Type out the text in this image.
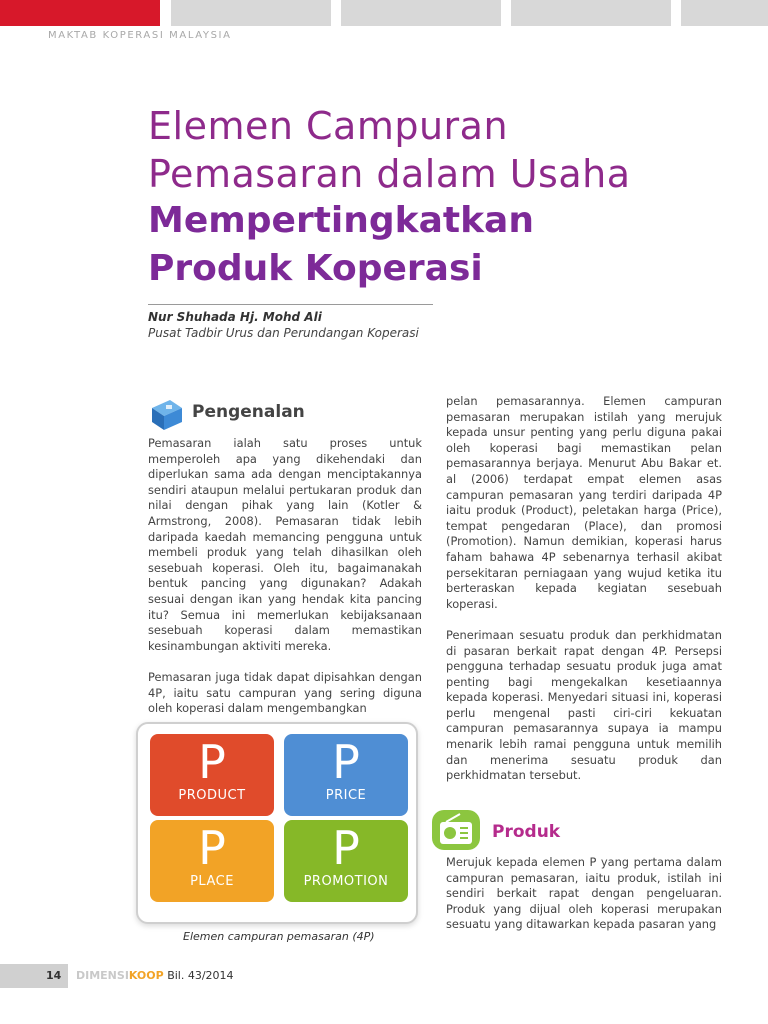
MAKTAB KOPERASI MALAYSIA
Elemen Campuran
Pemasaran dalam Usaha
Mempertingkatkan
Produk Koperasi
Nur Shuhada Hj. Mohd Ali
Pusat Tadbir Urus dan Perundangan Koperasi
Pengenalan

Pemasaran ialah satu proses untuk memperoleh apa yang dikehendaki dan diperlukan sama ada dengan menciptakannya sendiri ataupun melalui pertukaran produk dan nilai dengan pihak yang lain (Kotler & Armstrong, 2008). Pemasaran tidak lebih daripada kaedah memancing pengguna untuk membeli produk yang telah dihasilkan oleh sesebuah koperasi. Oleh itu, bagaimanakah bentuk pancing yang digunakan? Adakah sesuai dengan ikan yang hendak kita pancing itu? Semua ini memerlukan kebijaksanaan sesebuah koperasi dalam memastikan kesinambungan aktiviti mereka.

Pemasaran juga tidak dapat dipisahkan dengan 4P, iaitu satu campuran yang sering diguna oleh koperasi dalam mengembangkan

P
PRODUCT
P
PRICE
P
PLACE
P
PROMOTION
Elemen campuran pemasaran (4P)

pelan pemasarannya. Elemen campuran pemasaran merupakan istilah yang merujuk kepada unsur penting yang perlu diguna pakai oleh koperasi bagi memastikan pelan pemasarannya berjaya. Menurut Abu Bakar et. al (2006) terdapat empat elemen asas campuran pemasaran yang terdiri daripada 4P iaitu produk (Product), peletakan harga (Price), tempat pengedaran (Place), dan promosi (Promotion). Namun demikian, koperasi harus faham bahawa 4P sebenarnya terhasil akibat persekitaran perniagaan yang wujud ketika itu berteraskan kepada kegiatan sesebuah koperasi.

Penerimaan sesuatu produk dan perkhidmatan di pasaran berkait rapat dengan 4P. Persepsi pengguna terhadap sesuatu produk juga amat penting bagi mengekalkan kesetiaannya kepada koperasi. Menyedari situasi ini, koperasi perlu mengenal pasti ciri-ciri kekuatan campuran pemasarannya supaya ia mampu menarik lebih ramai pengguna untuk memilih dan menerima sesuatu produk dan perkhidmatan tersebut.

Produk

Merujuk kepada elemen P yang pertama dalam campuran pemasaran, iaitu produk, istilah ini sendiri berkait rapat dengan pengeluaran. Produk yang dijual oleh koperasi merupakan sesuatu yang ditawarkan kepada pasaran yang

14 DIMENSIKOOP Bil. 43/2014
